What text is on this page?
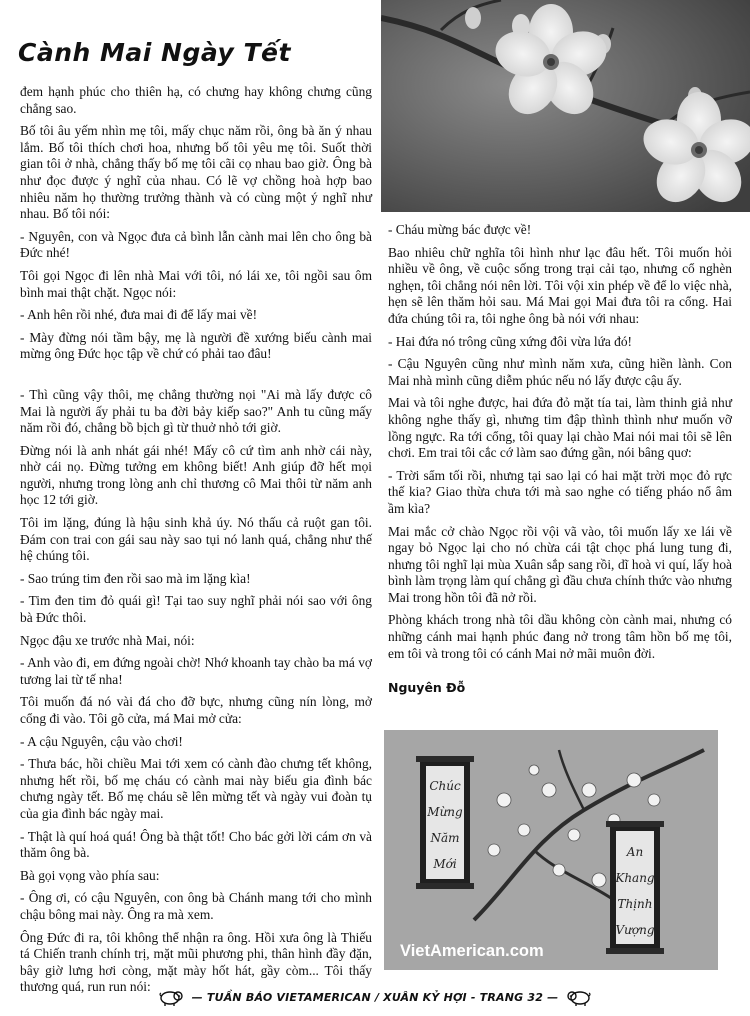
Cành Mai Ngày Tết

đem hạnh phúc cho thiên hạ, có chưng hay không chưng cũng chẳng sao.

Bố tôi âu yếm nhìn mẹ tôi, mấy chục năm rồi, ông bà ăn ý nhau lắm. Bố tôi thích chơi hoa, nhưng bố tôi yêu mẹ tôi. Suốt thời gian tôi ở nhà, chẳng thấy bố mẹ tôi cãi cọ nhau bao giờ. Ông bà như đọc được ý nghĩ của nhau. Có lẽ vợ chồng hoà hợp bao nhiêu năm họ thường trưởng thành và có cùng một ý nghĩ như nhau. Bố tôi nói:

- Nguyên, con và Ngọc đưa cả bình lẫn cành mai lên cho ông bà Đức nhé!

Tôi gọi Ngọc đi lên nhà Mai với tôi, nó lái xe, tôi ngồi sau ôm bình mai thật chặt. Ngọc nói:

- Anh hên rồi nhé, đưa mai đi để lấy mai về!

- Mày đừng nói tầm bậy, mẹ là người đề xướng biếu cành mai mừng ông Đức học tập về chứ có phải tao đâu!

- Thì cũng vậy thôi, mẹ chẳng thường nọi "Ai mà lấy được cô Mai là người ấy phải tu ba đời bảy kiếp sao?" Anh tu cũng mấy năm rồi đó, chẳng bồ bịch gì từ thuở nhỏ tới giờ.

Đừng nói là anh nhát gái nhé! Mấy cô cứ tìm anh nhờ cái này, nhờ cái nọ. Đừng tưởng em không biết! Anh giúp đỡ hết mọi người, nhưng trong lòng anh chỉ thương cô Mai thôi từ năm anh học 12 tới giờ.

Tôi im lặng, đúng là hậu sinh khả úy. Nó thấu cả ruột gan tôi. Đám con trai con gái sau này sao tụi nó lanh quá, chẳng như thế hệ chúng tôi.

- Sao trúng tim đen rồi sao mà im lặng kìa!

- Tim đen tim đỏ quái gì! Tại tao suy nghĩ phải nói sao với ông bà Đức thôi.

Ngọc đậu xe trước nhà Mai, nói:

- Anh vào đi, em đứng ngoài chờ! Nhớ khoanh tay chào ba má vợ tương lai từ tế nha!

Tôi muốn đá nó vài đá cho đỡ bực, nhưng cũng nín lòng, mở cổng đi vào. Tôi gõ cửa, má Mai mở cửa:

- A cậu Nguyên, cậu vào chơi!

- Thưa bác, hồi chiều Mai tới xem có cành đào chưng tết không, nhưng hết rồi, bố mẹ cháu có cành mai này biếu gia đình bác chưng ngày tết. Bố mẹ cháu sẽ lên mừng tết và ngày vui đoàn tụ của gia đình bác ngày mai.

- Thật là quí hoá quá! Ông bà thật tốt! Cho bác gởi lời cám ơn và thăm ông bà.

Bà gọi vọng vào phía sau:

- Ông ơi, có cậu Nguyên, con ông bà Chánh mang tới cho mình chậu bông mai này. Ông ra mà xem.

Ông Đức đi ra, tôi không thể nhận ra ông. Hồi xưa ông là Thiếu tá Chiến tranh chính trị, mặt mũi phương phi, thân hình đầy đặn, bây giờ lưng hơi còng, mặt mày hốt hát, gầy còm... Tôi thấy thương quá, run run nói:

- Cháu mừng bác được về!

Bao nhiêu chữ nghĩa tôi hình như lạc đâu hết. Tôi muốn hỏi nhiều về ông, về cuộc sống trong trại cải tạo, nhưng cổ nghèn nghẹn, tôi chẳng nói nên lời. Tôi vội xin phép về để lo việc nhà, hẹn sẽ lên thăm hỏi sau. Má Mai gọi Mai đưa tôi ra cổng. Hai đứa chúng tôi ra, tôi nghe ông bà nói với nhau:

- Hai đứa nó trông cũng xứng đôi vừa lứa đó!

- Cậu Nguyên cũng như mình năm xưa, cũng hiền lành. Con Mai nhà mình cũng diễm phúc nếu nó lấy được cậu ấy.

Mai và tôi nghe được, hai đứa đỏ mặt tía tai, làm thinh giả như không nghe thấy gì, nhưng tim đập thình thình như muốn vỡ lồng ngực. Ra tới cổng, tôi quay lại chào Mai nói mai tôi sẽ lên chơi. Em trai tôi cắc cớ làm sao đứng gần, nói bâng quơ:

- Trời sẩm tối rồi, nhưng tại sao lại có hai mặt trời mọc đỏ rực thế kia? Giao thừa chưa tới mà sao nghe có tiếng pháo nổ âm ầm kìa?

Mai mắc cở chào Ngọc rồi vội vã vào, tôi muốn lấy xe lái về ngay bỏ Ngọc lại cho nó chừa cái tật chọc phá lung tung đi, nhưng tôi nghĩ lại mùa Xuân sắp sang rồi, dĩ hoà vi quí, lấy hoà bình làm trọng làm quí chẳng gì đầu chưa chính thức vào nhưng Mai trong hồn tôi đã nở rồi.

Phòng khách trong nhà tôi dầu không còn cành mai, nhưng có những cánh mai hạnh phúc đang nở trong tâm hồn bố mẹ tôi, em tôi và trong tôi có cánh Mai nở mãi muôn đời.

Nguyên Đỗ

Chúc
Mừng
Năm
Mới
An
Khang
Thịnh
Vượng
VietAmerican.com
— TUẦN BÁO VIETAMERICAN / XUÂN KỶ HỢI - TRANG 32 —
